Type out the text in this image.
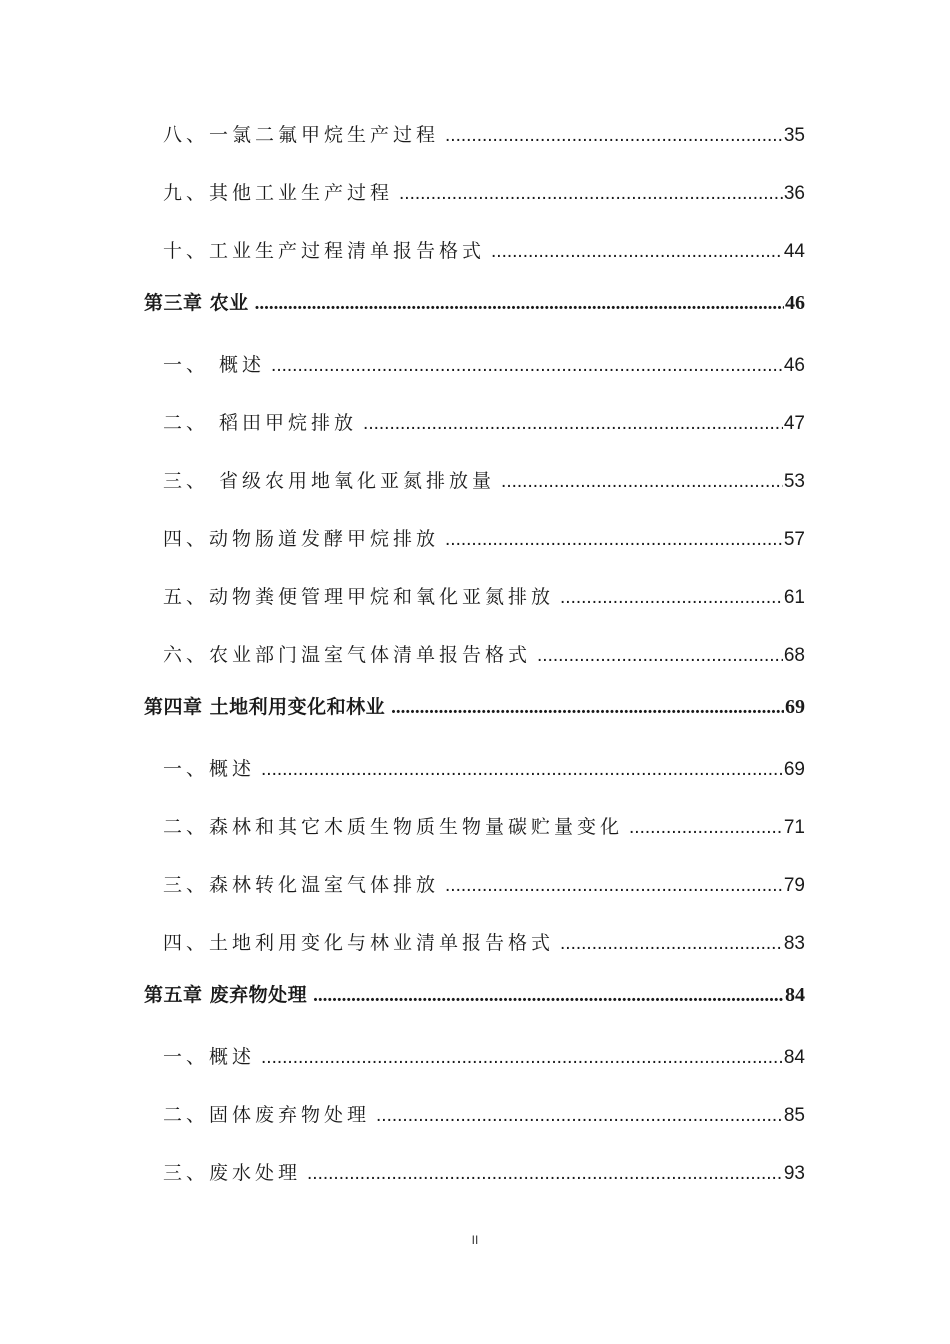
八、一氯二氟甲烷生产过程 .....	35
九、其他工业生产过程 .....	36
十、工业生产过程清单报告格式 .....	44
第三章 农业 .....	46
一、 概述 .....	46
二、 稻田甲烷排放 .....	47
三、 省级农用地氧化亚氮排放量 .....	53
四、动物肠道发酵甲烷排放 .....	57
五、动物粪便管理甲烷和氧化亚氮排放 .....	61
六、农业部门温室气体清单报告格式 .....	68
第四章 土地利用变化和林业 .....	69
一、概述 .....	69
二、森林和其它木质生物质生物量碳贮量变化 .....	71
三、森林转化温室气体排放 .....	79
四、土地利用变化与林业清单报告格式 .....	83
第五章 废弃物处理 .....	84
一、概述 .....	84
二、固体废弃物处理 .....	85
三、废水处理 .....	93
II
